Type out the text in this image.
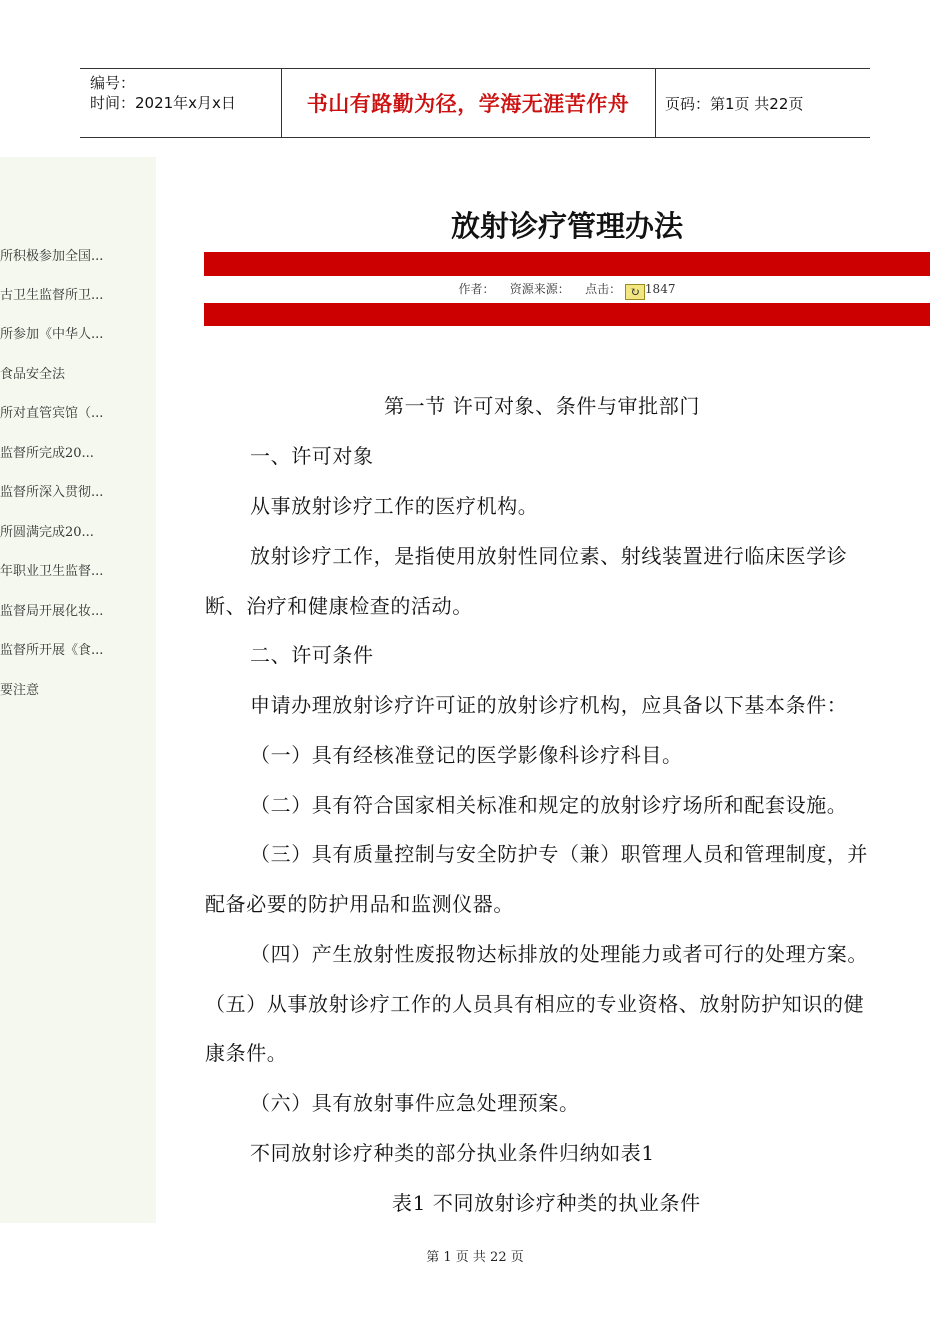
编号：
时间：2021年x月x日	书山有路勤为径，学海无涯苦作舟	页码：第1页 共22页
所积极参加全国...
古卫生监督所卫...
所参加《中华人...
食品安全法
所对直管宾馆（...
监督所完成20...
监督所深入贯彻...
所圆满完成20...
年职业卫生监督...
监督局开展化妆...
监督所开展《食...
要注意
放射诊疗管理办法
作者： 资源来源： 点击： ↻ 1847
第一节 许可对象、条件与审批部门
一、许可对象
从事放射诊疗工作的医疗机构。
放射诊疗工作，是指使用放射性同位素、射线装置进行临床医学诊
断、治疗和健康检查的活动。
二、许可条件
申请办理放射诊疗许可证的放射诊疗机构，应具备以下基本条件：
（一）具有经核准登记的医学影像科诊疗科目。
（二）具有符合国家相关标准和规定的放射诊疗场所和配套设施。
（三）具有质量控制与安全防护专（兼）职管理人员和管理制度，并
配备必要的防护用品和监测仪器。
（四）产生放射性废报物达标排放的处理能力或者可行的处理方案。
（五）从事放射诊疗工作的人员具有相应的专业资格、放射防护知识的健
康条件。
（六）具有放射事件应急处理预案。
不同放射诊疗种类的部分执业条件归纳如表1
表1 不同放射诊疗种类的执业条件
第 1 页 共 22 页
